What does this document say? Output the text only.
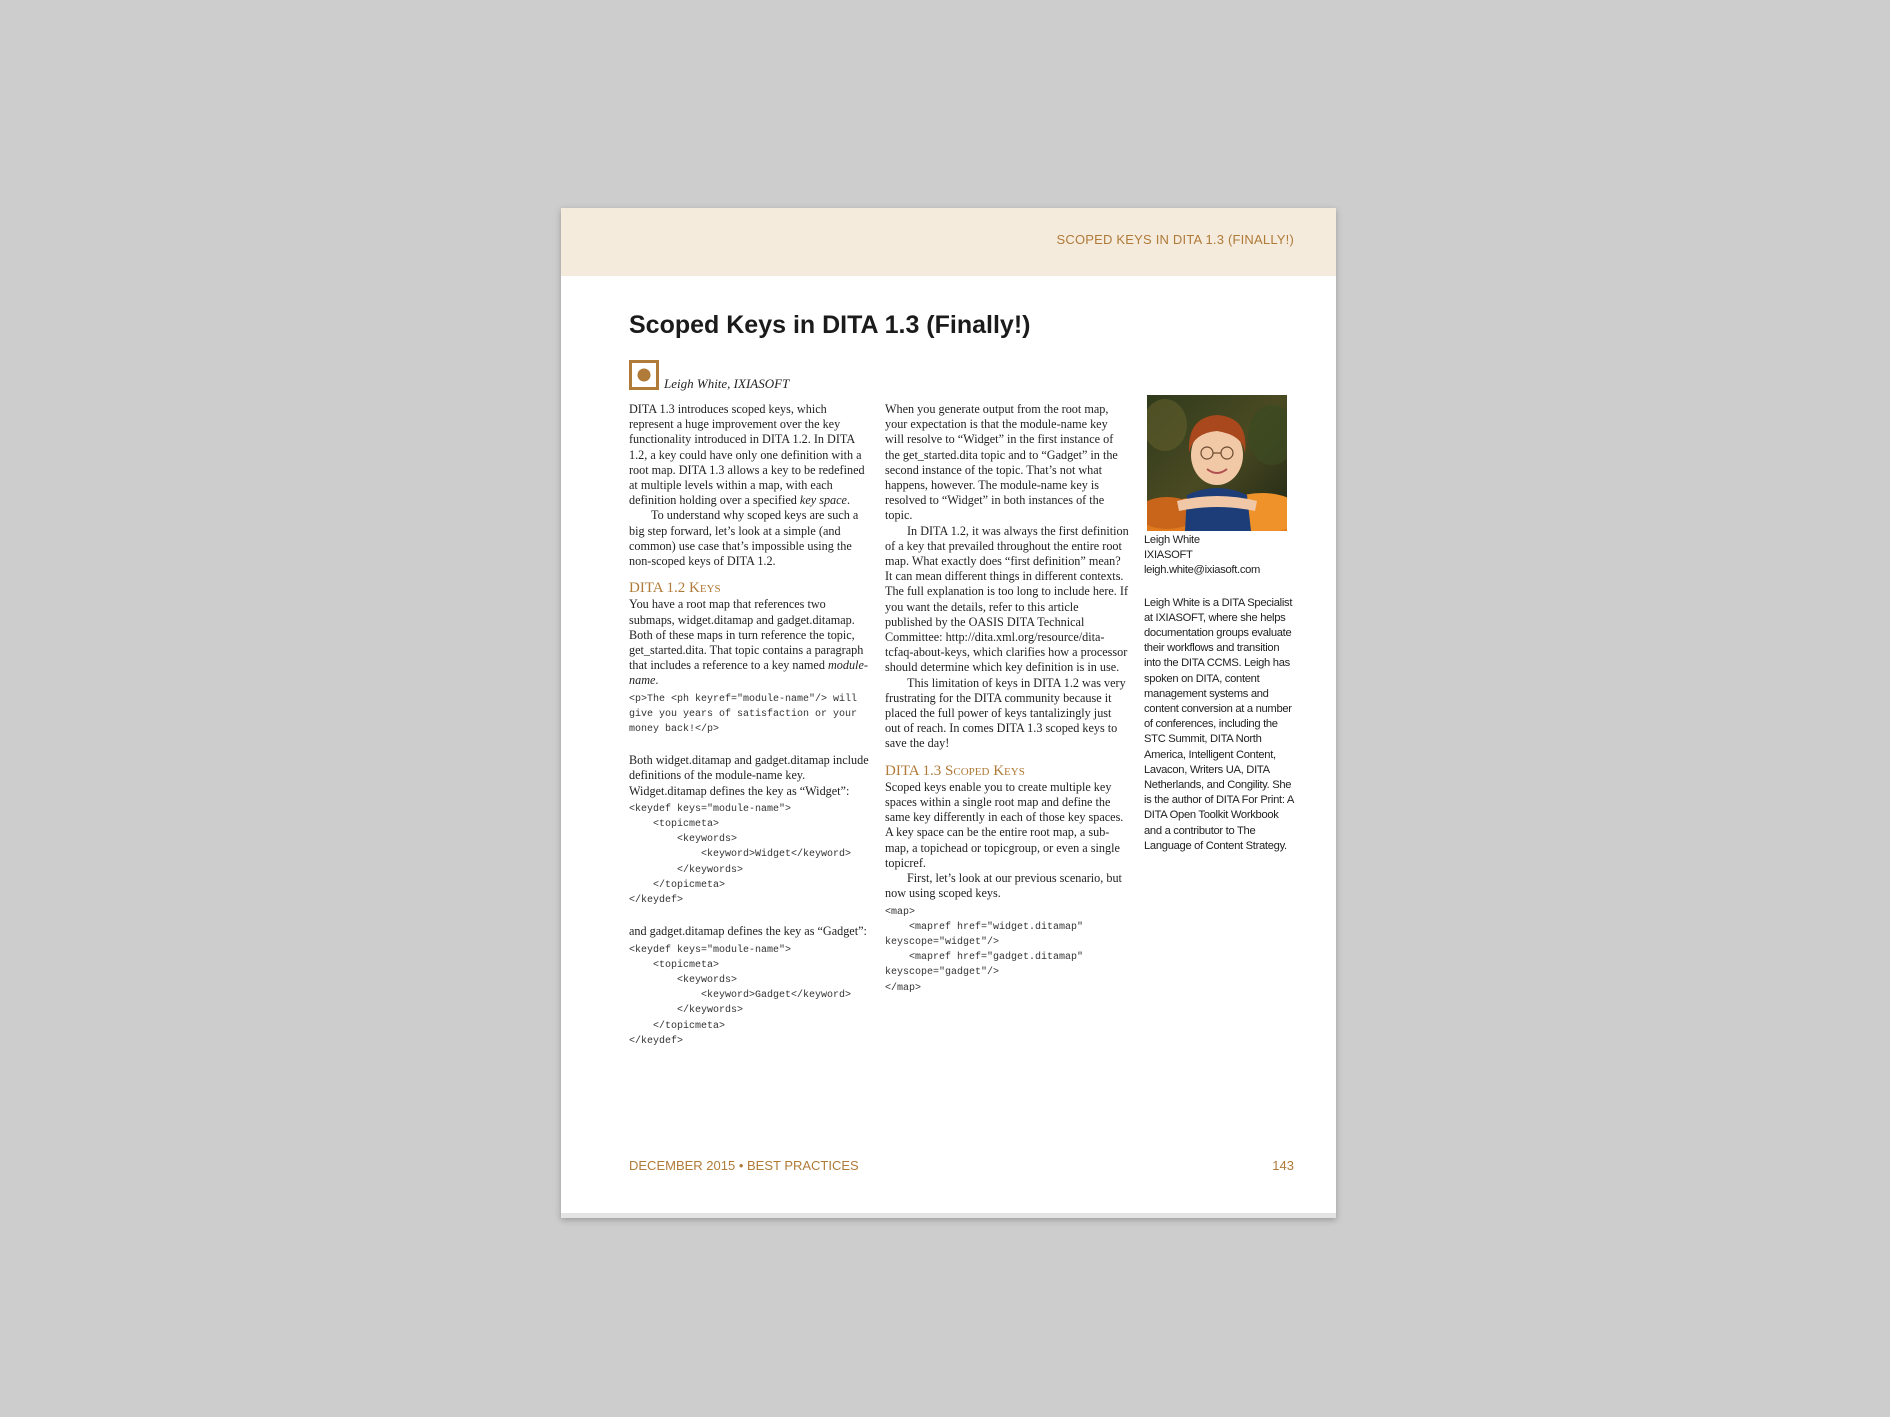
SCOPED KEYS IN DITA 1.3 (FINALLY!)
Scoped Keys in DITA 1.3 (Finally!)
Leigh White, IXIASOFT

DITA 1.3 introduces scoped keys, which represent a huge improvement over the key functionality introduced in DITA 1.2. In DITA 1.2, a key could have only one definition with a root map. DITA 1.3 allows a key to be redefined at multiple levels within a map, with each definition holding over a specified key space.

To understand why scoped keys are such a big step forward, let’s look at a simple (and common) use case that’s impossible using the non-scoped keys of DITA 1.2.

DITA 1.2 Keys

You have a root map that references two submaps, widget.ditamap and gadget.ditamap. Both of these maps in turn reference the topic, get_started.dita. That topic contains a paragraph that includes a reference to a key named module-name.

<p>The <ph keyref="module-name"/> will
give you years of satisfaction or your
money back!</p>

Both widget.ditamap and gadget.ditamap include definitions of the module-name key. Widget.ditamap defines the key as “Widget”:

<keydef keys="module-name">
<topicmeta>
<keywords>
<keyword>Widget</keyword>
</keywords>
</topicmeta>
</keydef>

and gadget.ditamap defines the key as “Gadget”:

<keydef keys="module-name">
<topicmeta>
<keywords>
<keyword>Gadget</keyword>
</keywords>
</topicmeta>
</keydef>

When you generate output from the root map, your expectation is that the module-name key will resolve to “Widget” in the first instance of the get_started.dita topic and to “Gadget” in the second instance of the topic. That’s not what happens, however. The module-name key is resolved to “Widget” in both instances of the topic.

In DITA 1.2, it was always the first definition of a key that prevailed throughout the entire root map. What exactly does “first definition” mean? It can mean different things in different contexts. The full explanation is too long to include here. If you want the details, refer to this article published by the OASIS DITA Technical Committee: http://dita.xml.org/resource/dita-tcfaq-about-keys, which clarifies how a processor should determine which key definition is in use.

This limitation of keys in DITA 1.2 was very frustrating for the DITA community because it placed the full power of keys tantalizingly just out of reach. In comes DITA 1.3 scoped keys to save the day!

DITA 1.3 Scoped Keys

Scoped keys enable you to create multiple key spaces within a single root map and define the same key differently in each of those key spaces. A key space can be the entire root map, a sub-map, a topichead or topicgroup, or even a single topicref.

First, let’s look at our previous scenario, but now using scoped keys.

<map>
<mapref href="widget.ditamap"
keyscope="widget"/>
<mapref href="gadget.ditamap"
keyscope="gadget"/>
</map>
Leigh White
IXIASOFT
leigh.white@ixiasoft.com
Leigh White is a DITA Specialist at IXIASOFT, where she helps documentation groups evaluate their workflows and transition into the DITA CCMS. Leigh has spoken on DITA, content management systems and content conversion at a number of conferences, including the STC Summit, DITA North America, Intelligent Content, Lavacon, Writers UA, DITA Netherlands, and Congility. She is the author of DITA For Print: A DITA Open Toolkit Workbook and a contributor to The Language of Content Strategy.
DECEMBER 2015 • BEST PRACTICES	143
